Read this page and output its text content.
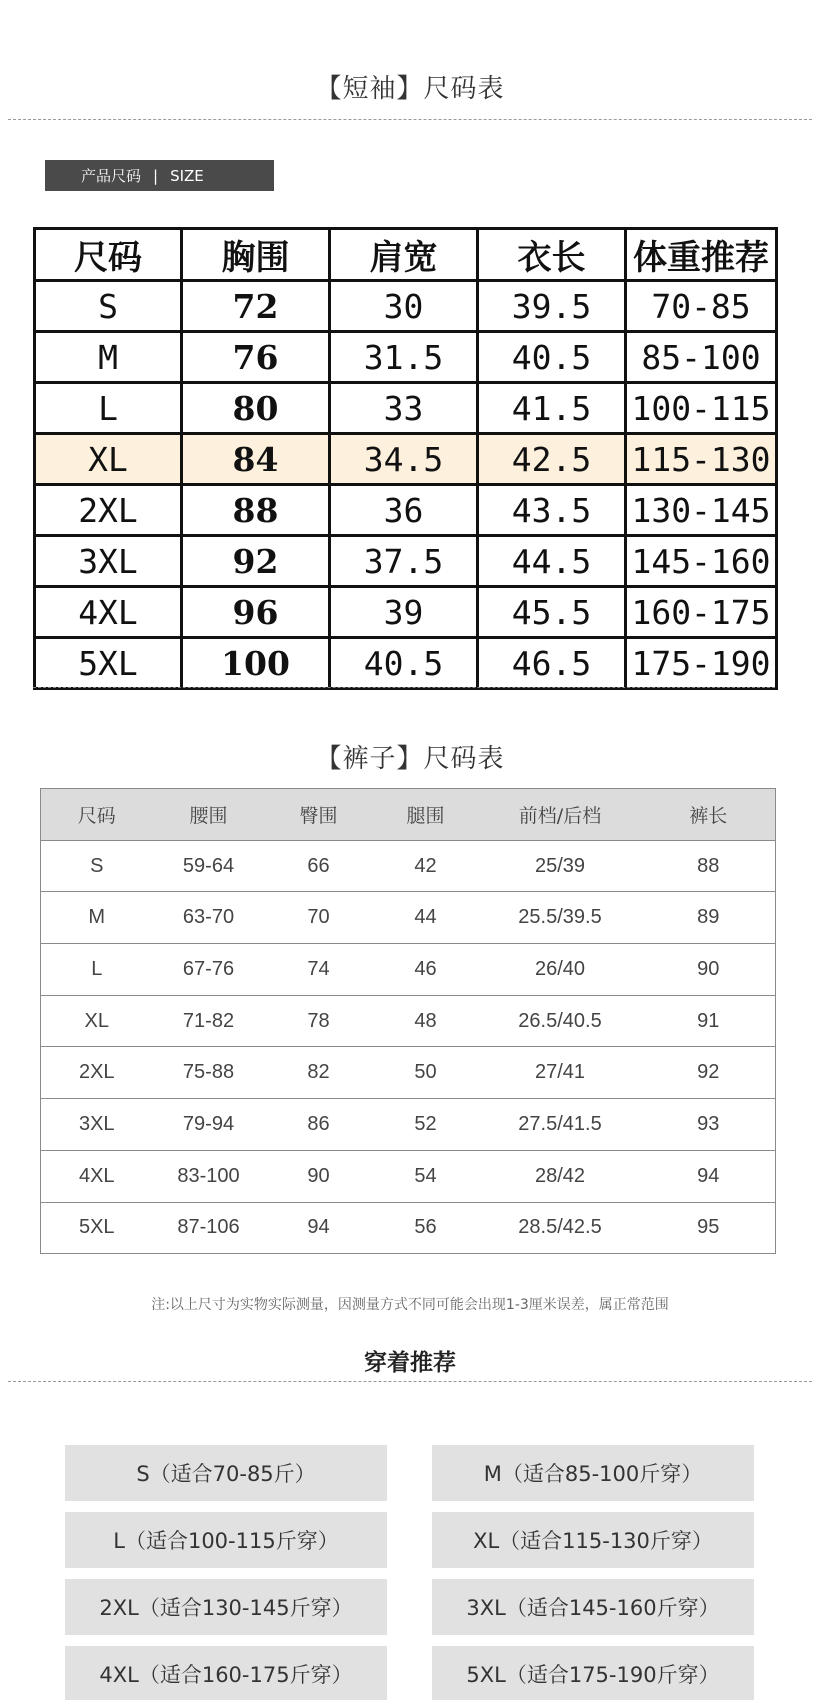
【短袖】尺码表
产品尺码 | SIZE
尺码	胸围	肩宽	衣长	体重推荐
S	72	30	39.5	70-85
M	76	31.5	40.5	85-100
L	80	33	41.5	100-115
XL	84	34.5	42.5	115-130
2XL	88	36	43.5	130-145
3XL	92	37.5	44.5	145-160
4XL	96	39	45.5	160-175
5XL	100	40.5	46.5	175-190
【裤子】尺码表
尺码	腰围	臀围	腿围	前档/后档	裤长
S	59-64	66	42	25/39	88
M	63-70	70	44	25.5/39.5	89
L	67-76	74	46	26/40	90
XL	71-82	78	48	26.5/40.5	91
2XL	75-88	82	50	27/41	92
3XL	79-94	86	52	27.5/41.5	93
4XL	83-100	90	54	28/42	94
5XL	87-106	94	56	28.5/42.5	95
注:以上尺寸为实物实际测量，因测量方式不同可能会出现1-3厘米误差，属正常范围
穿着推荐
S（适合70-85斤）	M（适合85-100斤穿）
L（适合100-115斤穿）	XL（适合115-130斤穿）
2XL（适合130-145斤穿）	3XL（适合145-160斤穿）
4XL（适合160-175斤穿）	5XL（适合175-190斤穿）
